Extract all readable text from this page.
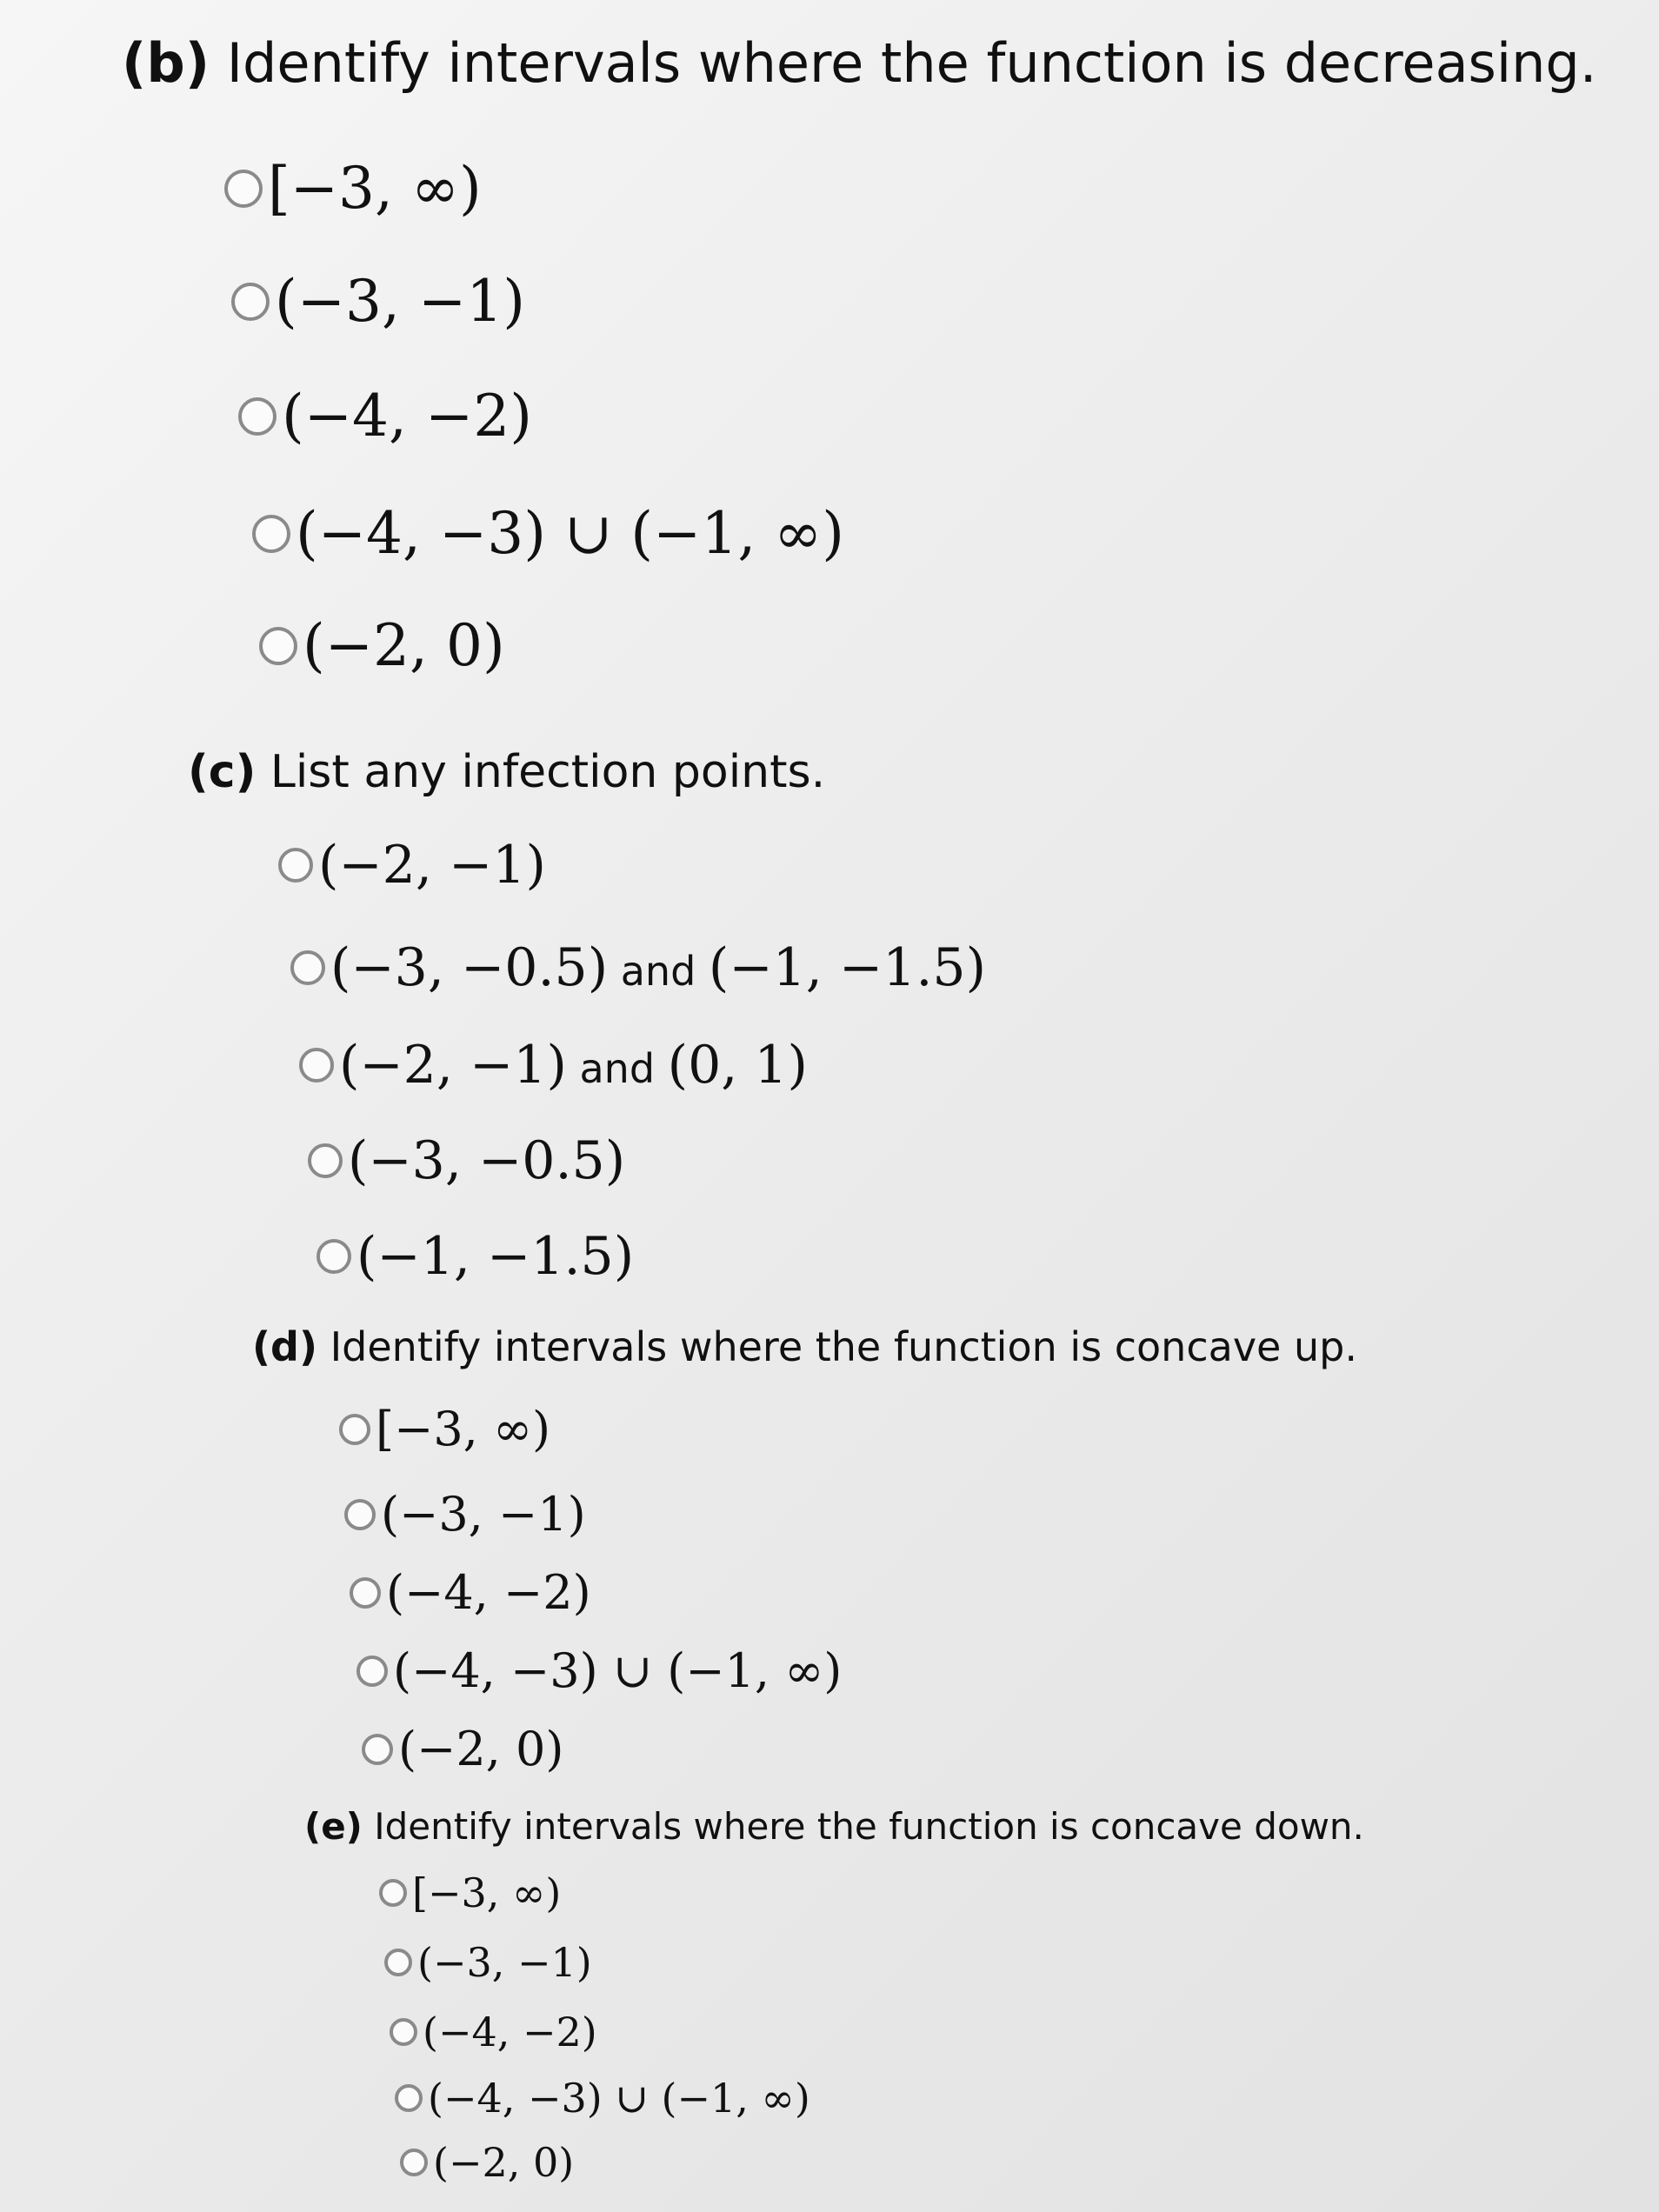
(b) Identify intervals where the function is decreasing.
[−3, ∞)
(−3, −1)
(−4, −2)
(−4, −3) ∪ (−1, ∞)
(−2, 0)
(c) List any infection points.
(−2, −1)
(−3, −0.5) and (−1, −1.5)
(−2, −1) and (0, 1)
(−3, −0.5)
(−1, −1.5)
(d) Identify intervals where the function is concave up.
[−3, ∞)
(−3, −1)
(−4, −2)
(−4, −3) ∪ (−1, ∞)
(−2, 0)
(e) Identify intervals where the function is concave down.
[−3, ∞)
(−3, −1)
(−4, −2)
(−4, −3) ∪ (−1, ∞)
(−2, 0)
